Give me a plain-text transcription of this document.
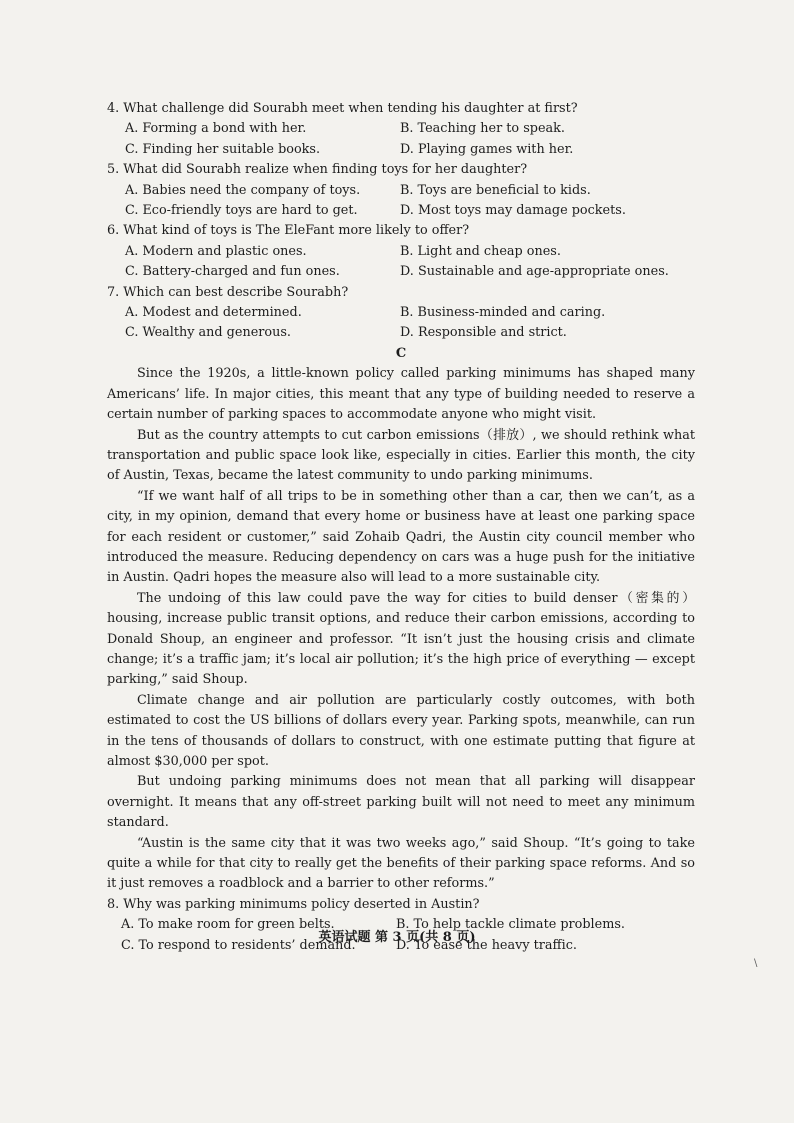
4. What challenge did Sourabh meet when tending his daughter at first?

A. Forming a bond with her.	B. Teaching her to speak.
C. Finding her suitable books.	D. Playing games with her.

5. What did Sourabh realize when finding toys for her daughter?

A. Babies need the company of toys.	B. Toys are beneficial to kids.
C. Eco-friendly toys are hard to get.	D. Most toys may damage pockets.

6. What kind of toys is The EleFant more likely to offer?

A. Modern and plastic ones.	B. Light and cheap ones.
C. Battery-charged and fun ones.	D. Sustainable and age-appropriate ones.

7. Which can best describe Sourabh?

A. Modest and determined.	B. Business-minded and caring.
C. Wealthy and generous.	D. Responsible and strict.

C

Since the 1920s, a little-known policy called parking minimums has shaped many Americans’ life. In major cities, this meant that any type of building needed to reserve a certain number of parking spaces to accommodate anyone who might visit.

But as the country attempts to cut carbon emissions（排放）, we should rethink what transportation and public space look like, especially in cities. Earlier this month, the city of Austin, Texas, became the latest community to undo parking minimums.

“If we want half of all trips to be in something other than a car, then we can’t, as a city, in my opinion, demand that every home or business have at least one parking space for each resident or customer,” said Zohaib Qadri, the Austin city council member who introduced the measure. Reducing dependency on cars was a huge push for the initiative in Austin. Qadri hopes the measure also will lead to a more sustainable city.

The undoing of this law could pave the way for cities to build denser（密集的）housing, increase public transit options, and reduce their carbon emissions, according to Donald Shoup, an engineer and professor. “It isn’t just the housing crisis and climate change; it’s a traffic jam; it’s local air pollution; it’s the high price of everything — except parking,” said Shoup.

Climate change and air pollution are particularly costly outcomes, with both estimated to cost the US billions of dollars every year. Parking spots, meanwhile, can run in the tens of thousands of dollars to construct, with one estimate putting that figure at almost $30,000 per spot.

But undoing parking minimums does not mean that all parking will disappear overnight. It means that any off-street parking built will not need to meet any minimum standard.

“Austin is the same city that it was two weeks ago,” said Shoup. “It’s going to take quite a while for that city to really get the benefits of their parking space reforms. And so it just removes a roadblock and a barrier to other reforms.”

8. Why was parking minimums policy deserted in Austin?

A. To make room for green belts.	B. To help tackle climate problems.
C. To respond to residents’ demand.	D. To ease the heavy traffic.
英语试题 第 3 页(共 8 页)
\
